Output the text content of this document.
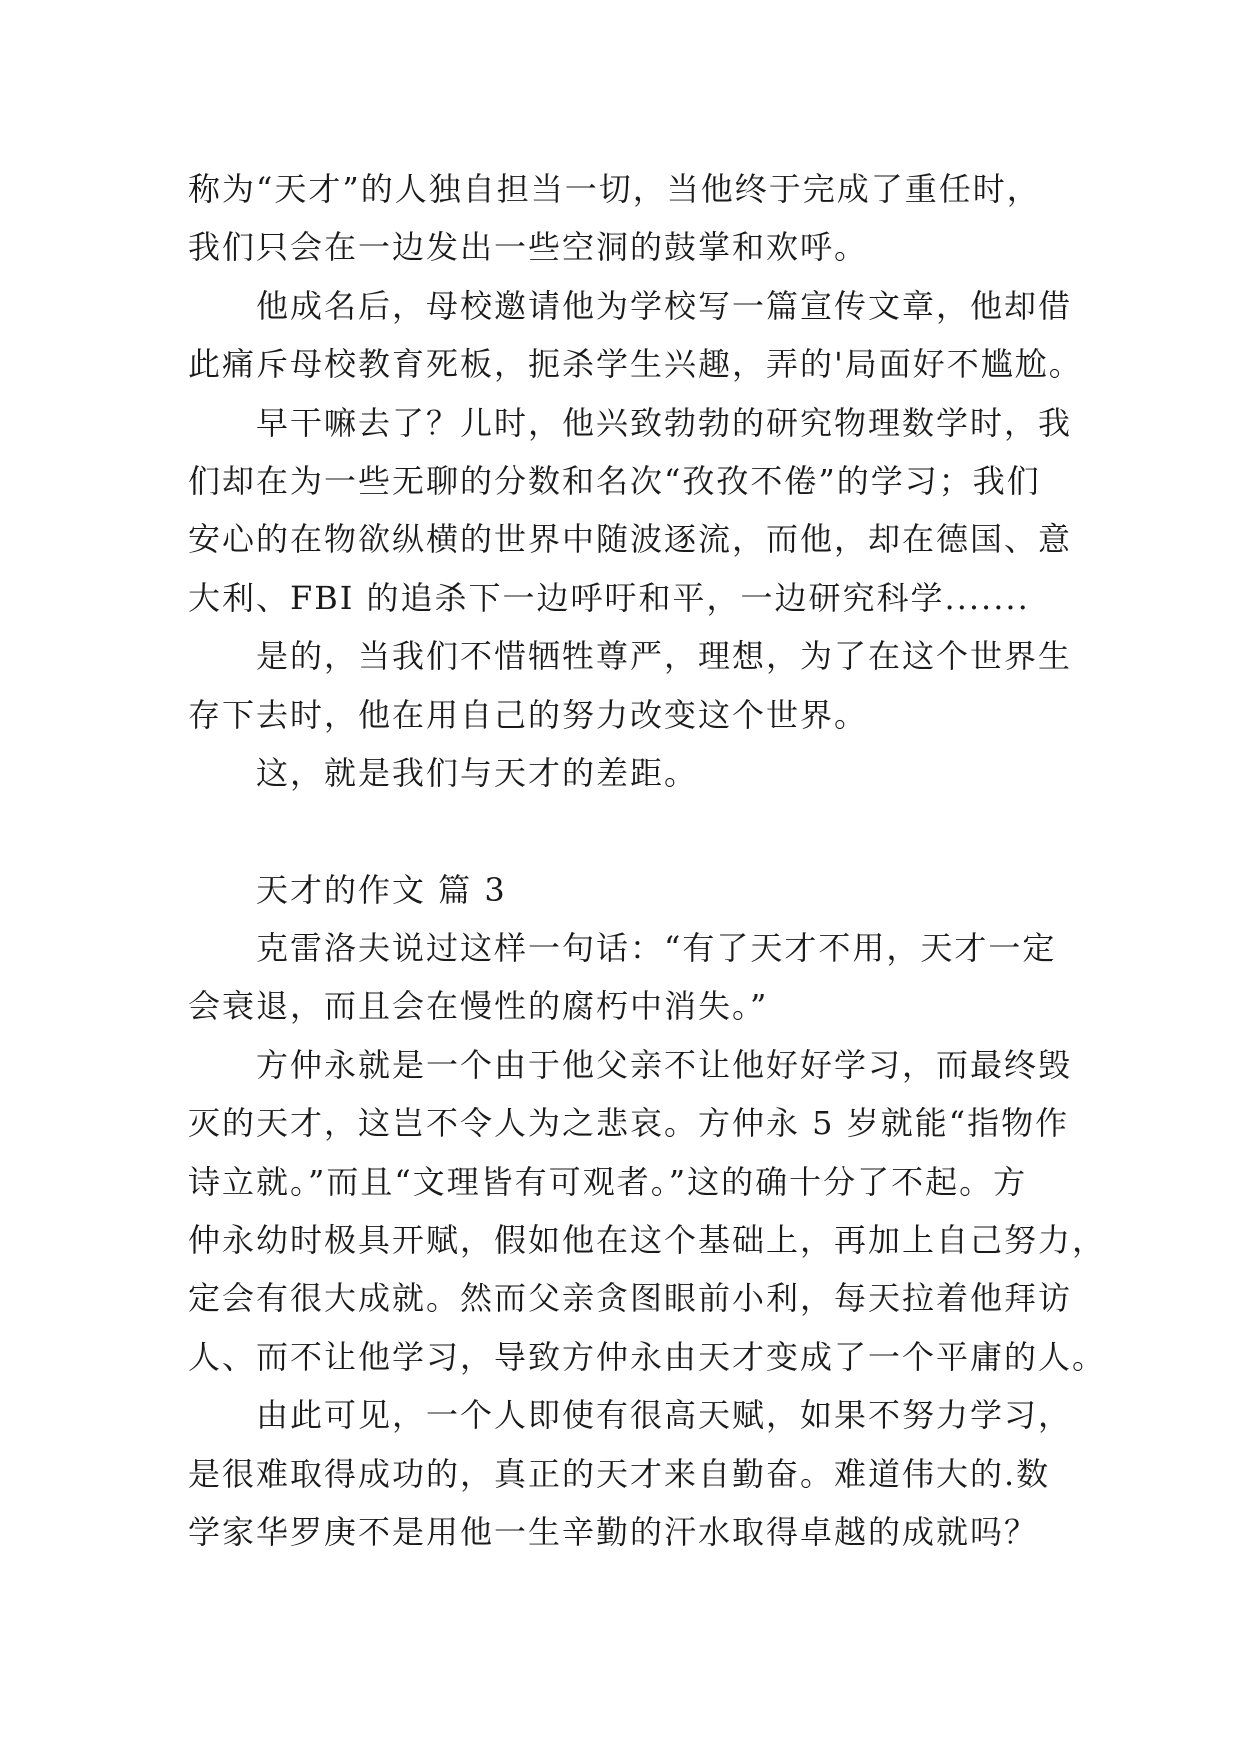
称为“天才”的人独自担当一切，当他终于完成了重任时，
我们只会在一边发出一些空洞的鼓掌和欢呼。
他成名后，母校邀请他为学校写一篇宣传文章，他却借
此痛斥母校教育死板，扼杀学生兴趣，弄的'局面好不尴尬。
早干嘛去了？儿时，他兴致勃勃的研究物理数学时，我
们却在为一些无聊的分数和名次“孜孜不倦”的学习；我们
安心的在物欲纵横的世界中随波逐流，而他，却在德国、意
大利、FBI 的追杀下一边呼吁和平，一边研究科学.......
是的，当我们不惜牺牲尊严，理想，为了在这个世界生
存下去时，他在用自己的努力改变这个世界。
这，就是我们与天才的差距。
天才的作文 篇 3
克雷洛夫说过这样一句话：“有了天才不用，天才一定
会衰退，而且会在慢性的腐朽中消失。”
方仲永就是一个由于他父亲不让他好好学习，而最终毁
灭的天才，这岂不令人为之悲哀。方仲永 5 岁就能“指物作
诗立就。”而且“文理皆有可观者。”这的确十分了不起。方
仲永幼时极具开赋，假如他在这个基础上，再加上自己努力，
定会有很大成就。然而父亲贪图眼前小利，每天拉着他拜访
人、而不让他学习，导致方仲永由天才变成了一个平庸的人。
由此可见，一个人即使有很高天赋，如果不努力学习，
是很难取得成功的，真正的天才来自勤奋。难道伟大的.数
学家华罗庚不是用他一生辛勤的汗水取得卓越的成就吗？
